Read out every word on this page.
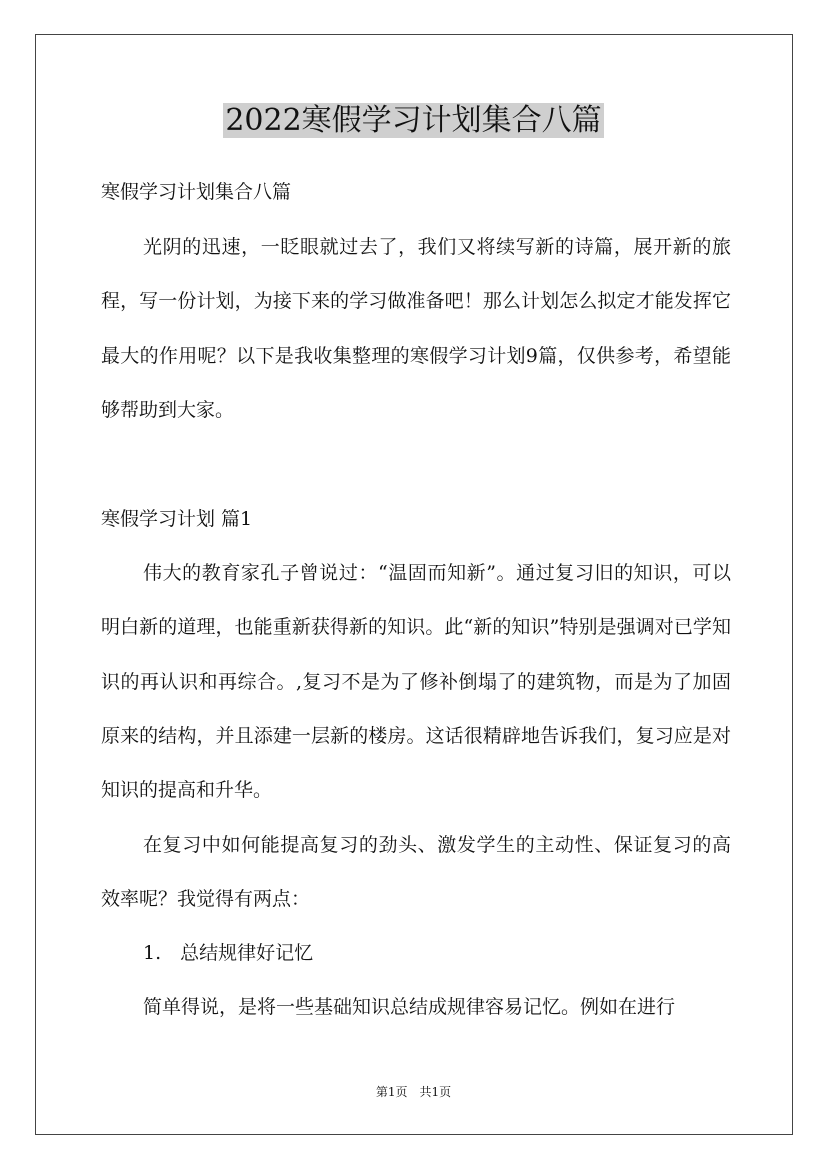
2022寒假学习计划集合八篇

寒假学习计划集合八篇

光阴的迅速，一眨眼就过去了，我们又将续写新的诗篇，展开新的旅程，写一份计划，为接下来的学习做准备吧！那么计划怎么拟定才能发挥它最大的作用呢？以下是我收集整理的寒假学习计划9篇，仅供参考，希望能够帮助到大家。

寒假学习计划 篇1

伟大的教育家孔子曾说过：“温固而知新”。通过复习旧的知识，可以明白新的道理，也能重新获得新的知识。此“新的知识”特别是强调对已学知识的再认识和再综合。,复习不是为了修补倒塌了的建筑物，而是为了加固原来的结构，并且添建一层新的楼房。这话很精辟地告诉我们，复习应是对知识的提高和升华。

在复习中如何能提高复习的劲头、激发学生的主动性、保证复习的高效率呢？我觉得有两点：

1.　总结规律好记忆

简单得说，是将一些基础知识总结成规律容易记忆。例如在进行

第1页　共1页
